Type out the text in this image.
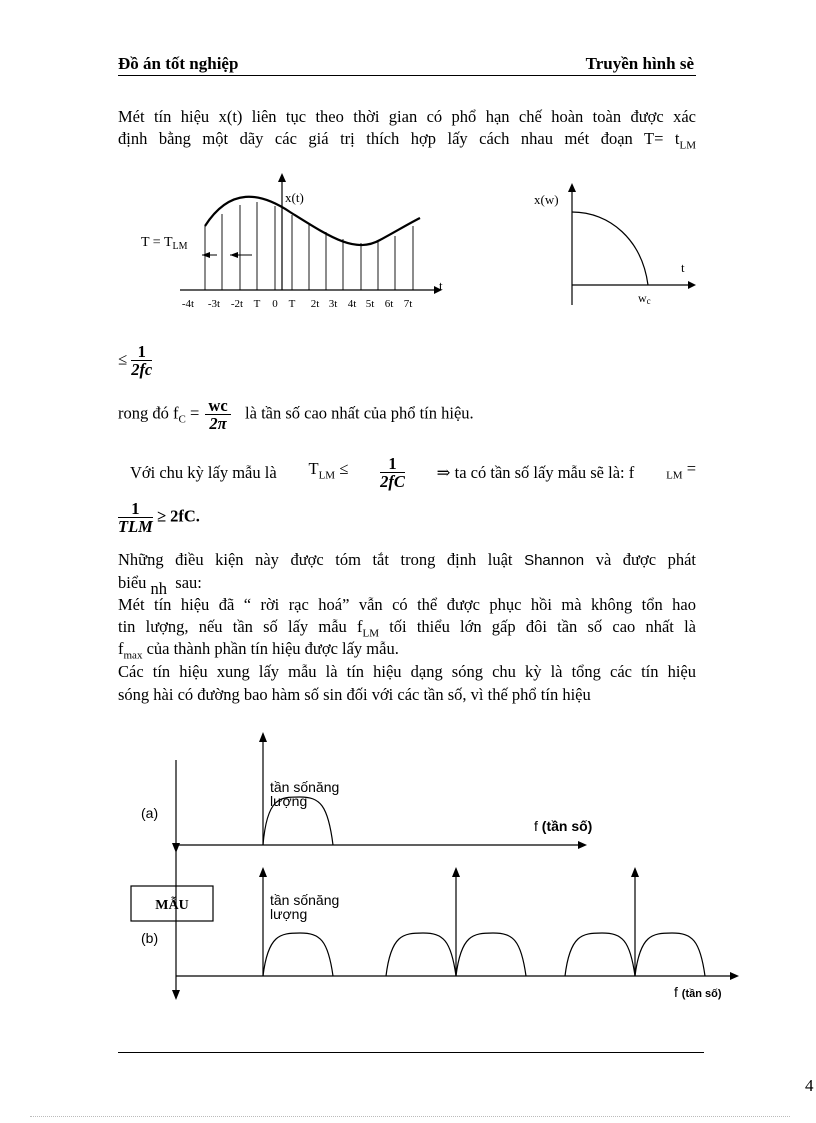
Đồ án tốt nghiệp	Truyền hình sè
Mét tín hiệu x(t) liên tục theo thời gian có phổ hạn chế hoàn toàn được xác
định bằng một dãy các giá trị thích hợp lấy cách nhau mét đoạn $T= t_{LM}$
$T = T_{LM}$
x(t)
t
-4t -3t -2t T 0 T 2t 3t 4t 5t 6t 7t
x(w)
t
wc
≤ $\frac{1}{2fc}$
rong đó $f_C = \frac{wc}{2\pi}$ là tần số cao nhất của phổ tín hiệu.
Với chu kỳ lấy mẫu là $T_{LM} \le \frac{1}{2fC}$ ⇒ ta có tần số lấy mẫu sẽ là: f	$_{LM}$ =
$\frac{1}{\text{TLM}} \ge 2fC$.
Những điều kiện này được tóm tắt trong định luật Shannon và được phát
biểu nh sau:
Mét tín hiệu đã “ rời rạc hoá” vẫn có thể được phục hồi mà không tổn hao
tin lượng, nếu tần số lấy mẫu $f_{LM}$ tối thiểu lớn gấp đôi tần số cao nhất là
$f_{max}$ của thành phần tín hiệu được lấy mẫu.
Các tín hiệu xung lấy mẫu là tín hiệu dạng sóng chu kỳ là tổng các tín hiệu
sóng hài có đường bao hàm số sin đối với các tần số, vì thế phổ tín hiệu
MẪU
(a)
(b)
tần sốnăng
lượng
f (tần số)
tần sốnăng
lượng
f (tần số)
4
